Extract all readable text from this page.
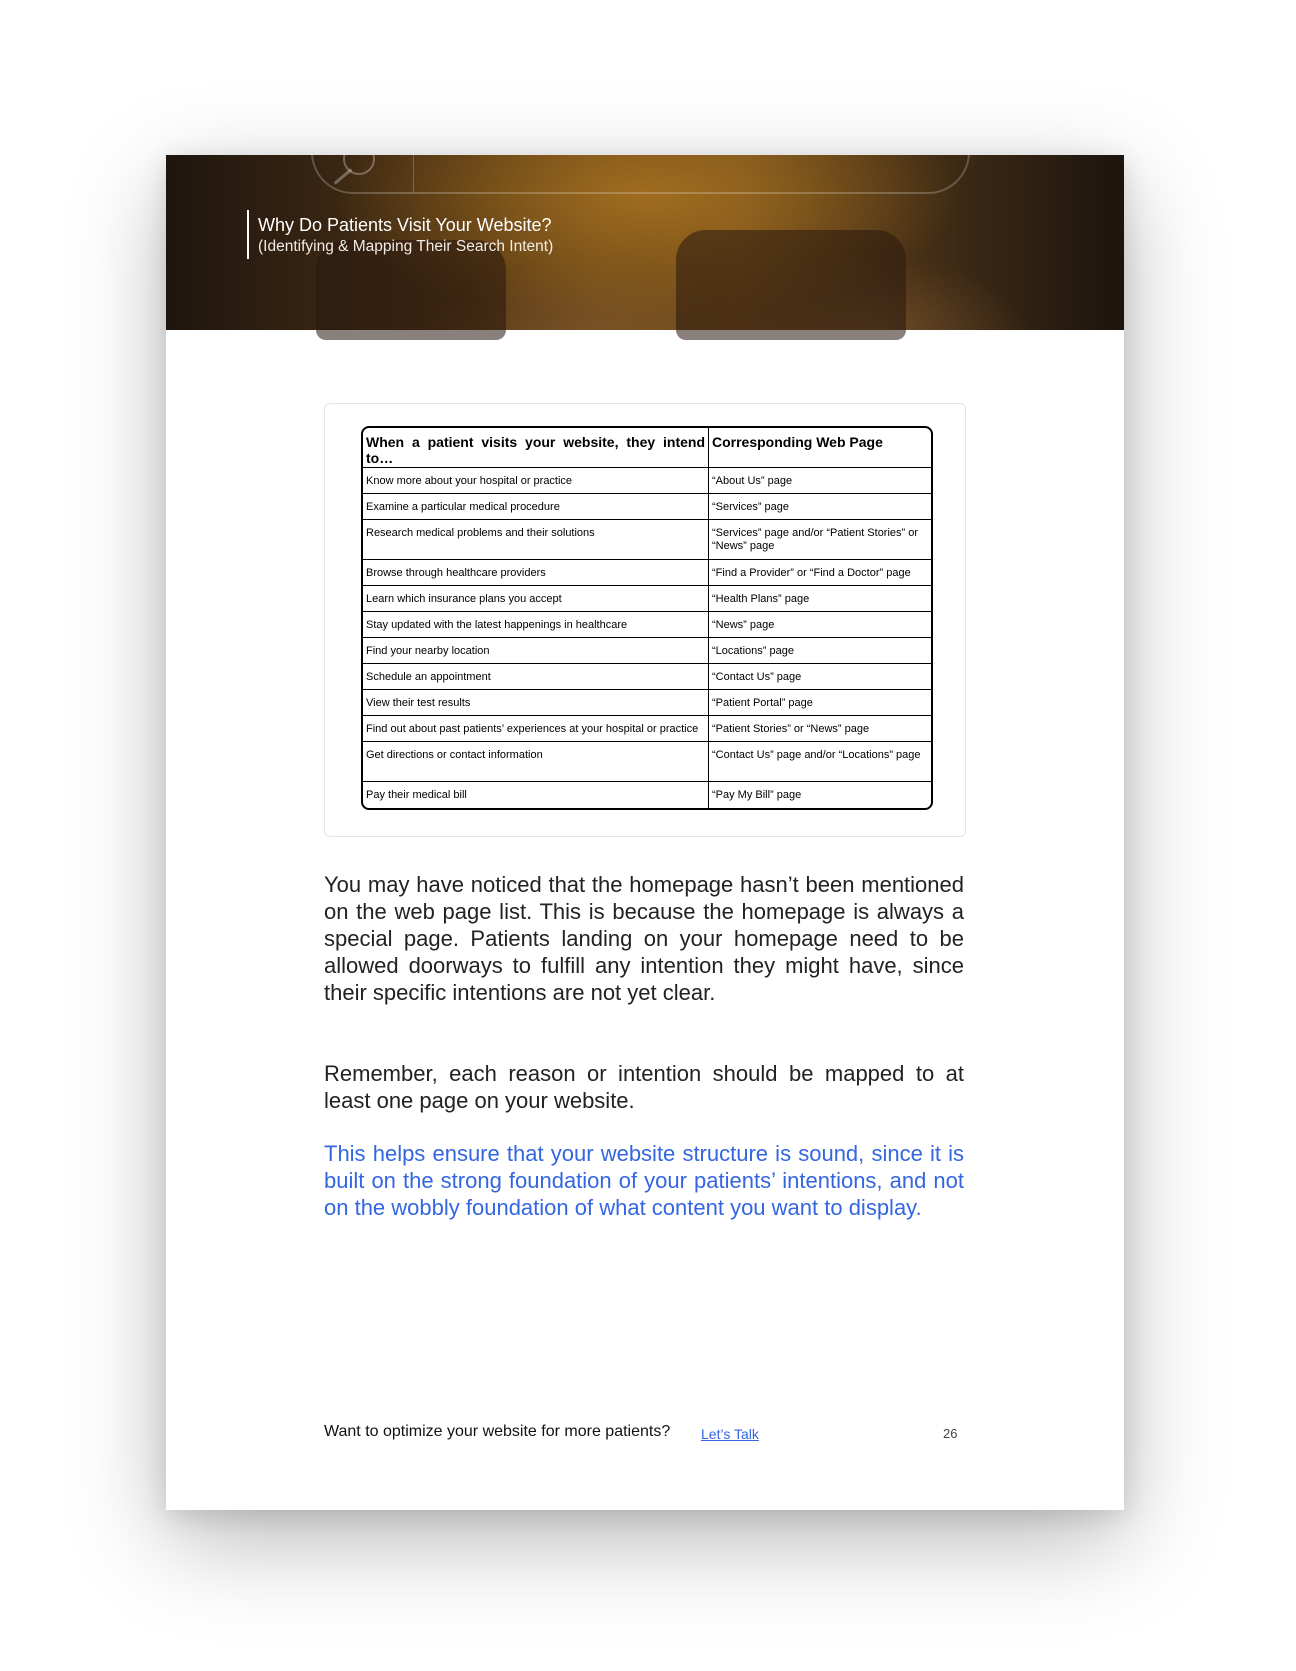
Why Do Patients Visit Your Website?
(Identifying & Mapping Their Search Intent)
When a patient visits your website, they intend to…	Corresponding Web Page
Know more about your hospital or practice	“About Us” page
Examine a particular medical procedure	“Services” page
Research medical problems and their solutions	“Services” page and/or “Patient Stories” or “News” page
Browse through healthcare providers	“Find a Provider” or “Find a Doctor” page
Learn which insurance plans you accept	“Health Plans” page
Stay updated with the latest happenings in healthcare	“News” page
Find your nearby location	“Locations” page
Schedule an appointment	“Contact Us” page
View their test results	“Patient Portal” page
Find out about past patients’ experiences at your hospital or practice	“Patient Stories” or “News” page
Get directions or contact information	“Contact Us” page and/or “Locations” page
Pay their medical bill	“Pay My Bill” page

You may have noticed that the homepage hasn’t been mentioned on the web page list. This is because the homepage is always a special page. Patients landing on your homepage need to be allowed doorways to fulfill any intention they might have, since their specific intentions are not yet clear.

Remember, each reason or intention should be mapped to at least one page on your website.

This helps ensure that your website structure is sound, since it is built on the strong foundation of your patients’ intentions, and not on the wobbly foundation of what content you want to display.

Want to optimize your website for more patients? Let’s Talk	26
